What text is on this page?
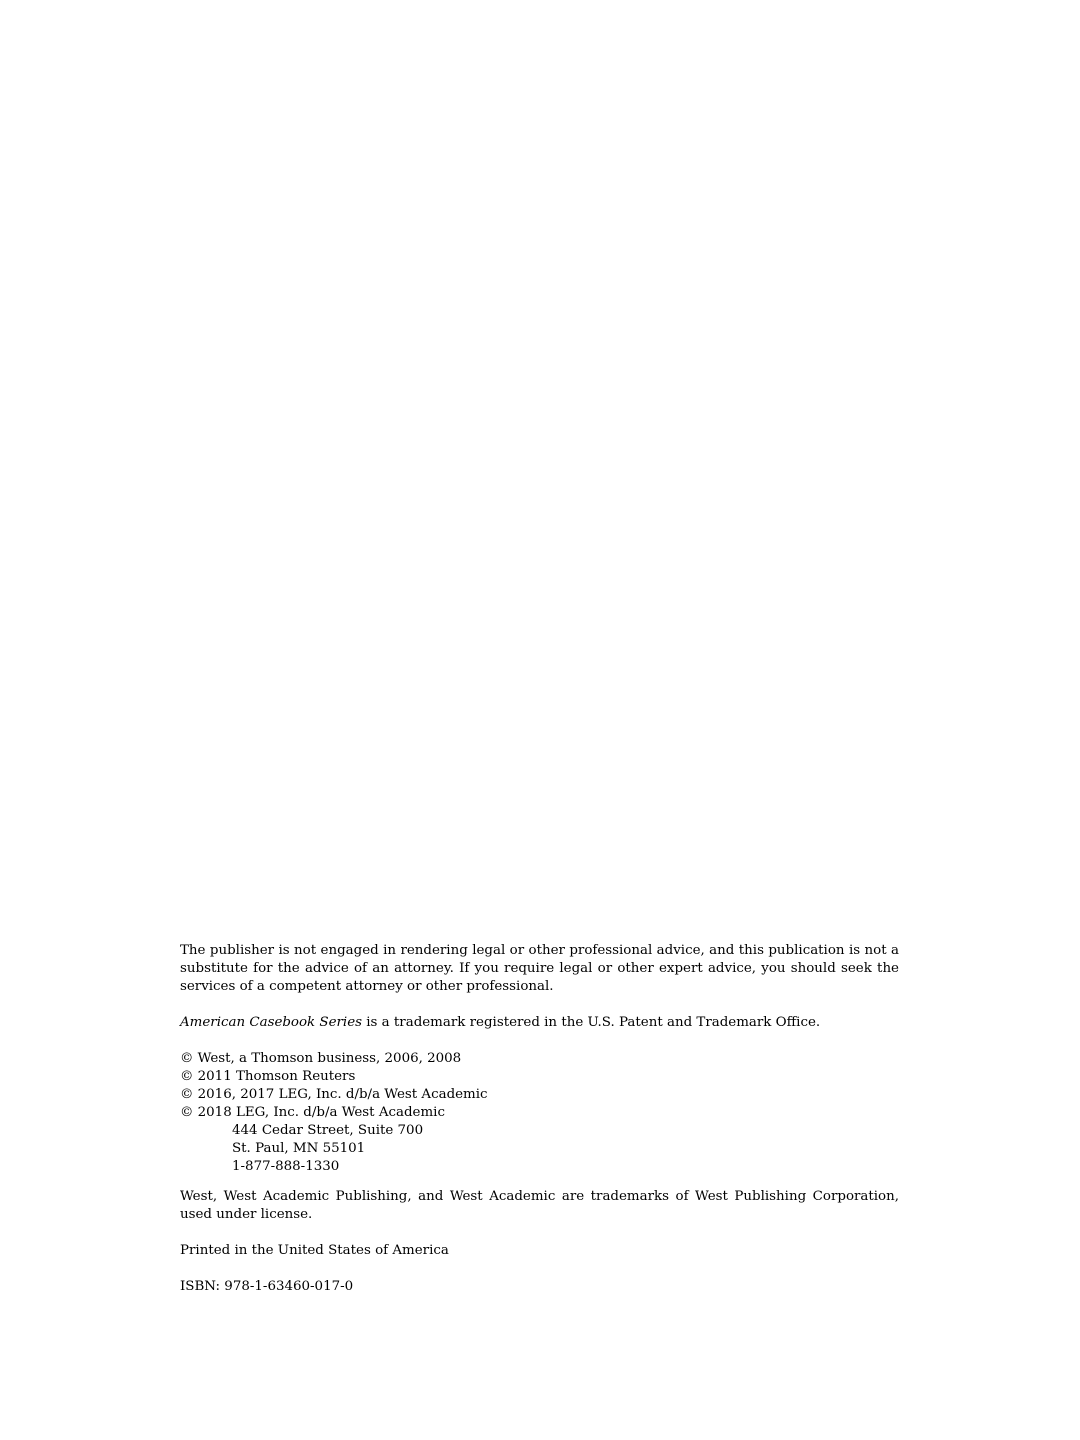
The publisher is not engaged in rendering legal or other professional advice, and this publication is not a substitute for the advice of an attorney. If you require legal or other expert advice, you should seek the services of a competent attorney or other professional.

American Casebook Series is a trademark registered in the U.S. Patent and Trademark Office.

© West, a Thomson business, 2006, 2008
© 2011 Thomson Reuters
© 2016, 2017 LEG, Inc. d/b/a West Academic
© 2018 LEG, Inc. d/b/a West Academic
444 Cedar Street, Suite 700
St. Paul, MN 55101
1-877-888-1330

West, West Academic Publishing, and West Academic are trademarks of West Publishing Corporation, used under license.

Printed in the United States of America

ISBN: 978-1-63460-017-0
